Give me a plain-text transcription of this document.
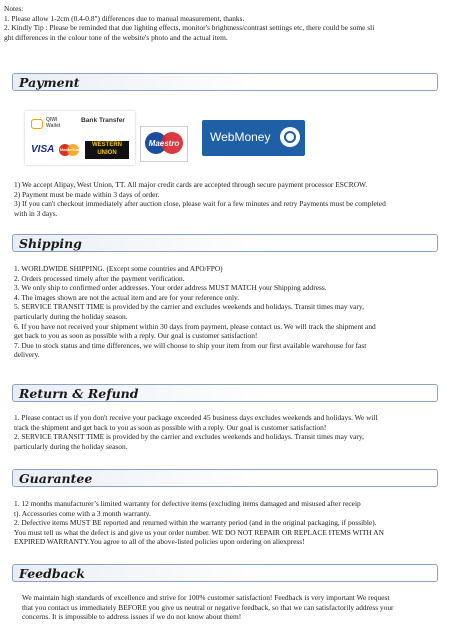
Notes:
1. Please allow 1-2cm (0.4-0.8") differences due to manual measurement, thanks.
2. Kindly Tip : Please be reminded that due lighting effects, monitor's brightness/contrast settings etc, there could be some sli
ght differences in the colour tone of the website's photo and the actual item.
Payment
QIWI Wallet
Bank Transfer
VISA MasterCard
WESTERN
UNION
Maestro	WebMoney
1) We accept Alipay, West Union, TT. All major credit cards are accepted through secure payment processor ESCROW.
2) Payment must be made within 3 days of order.
3) If you can't checkout immediately after auction close, please wait for a few minutes and retry Payments must be completed
with in 3 days.
Shipping
1. WORLDWIDE SHIPPING. (Except some countries and APO/FPO)
2. Orders processed timely after the payment verification.
3. We only ship to confirmed order addresses. Your order address MUST MATCH your Shipping address.
4. The images shown are not the actual item and are for your reference only.
5. SERVICE TRANSIT TIME is provided by the carrier and excludes weekends and holidays. Transit times may vary,
particularly during the holiday season.
6. If you have not received your shipment within 30 days from payment, please contact us. We will track the shipment and
get back to you as soon as possible with a reply. Our goal is customer satisfaction!
7. Due to stock status and time differences, we will choose to ship your item from our first available warehouse for fast
delivery.
Return & Refund
1. Please contact us if you don't receive your package exceeded 45 business days excludes weekends and holidays. We will
track the shipment and get back to you as soon as possible with a reply. Our goal is customer satisfaction!
2. SERVICE TRANSIT TIME is provided by the carrier and excludes weekends and holidays. Transit times may vary,
particularly during the holiday season.
Guarantee
1. 12 months manufacturer’s limited warranty for defective items (excluding items damaged and misused after receip
t). Accessories come with a 3 month warranty.
2. Defective items MUST BE reported and returned within the warranty period (and in the original packaging, if possible).
You must tell us what the defect is and give us your order number. WE DO NOT REPAIR OR REPLACE ITEMS WITH AN
EXPIRED WARRANTY.You agree to all of the above-listed policies upon ordering on aliexpress!
Feedback
We maintain high standards of excellence and strive for 100% customer satisfaction! Feedback is very important We request
that you contact us immediately BEFORE you give us neutral or negative feedback, so that we can satisfactorily address your
concerns. It is impossible to address issues if we do not know about them!
